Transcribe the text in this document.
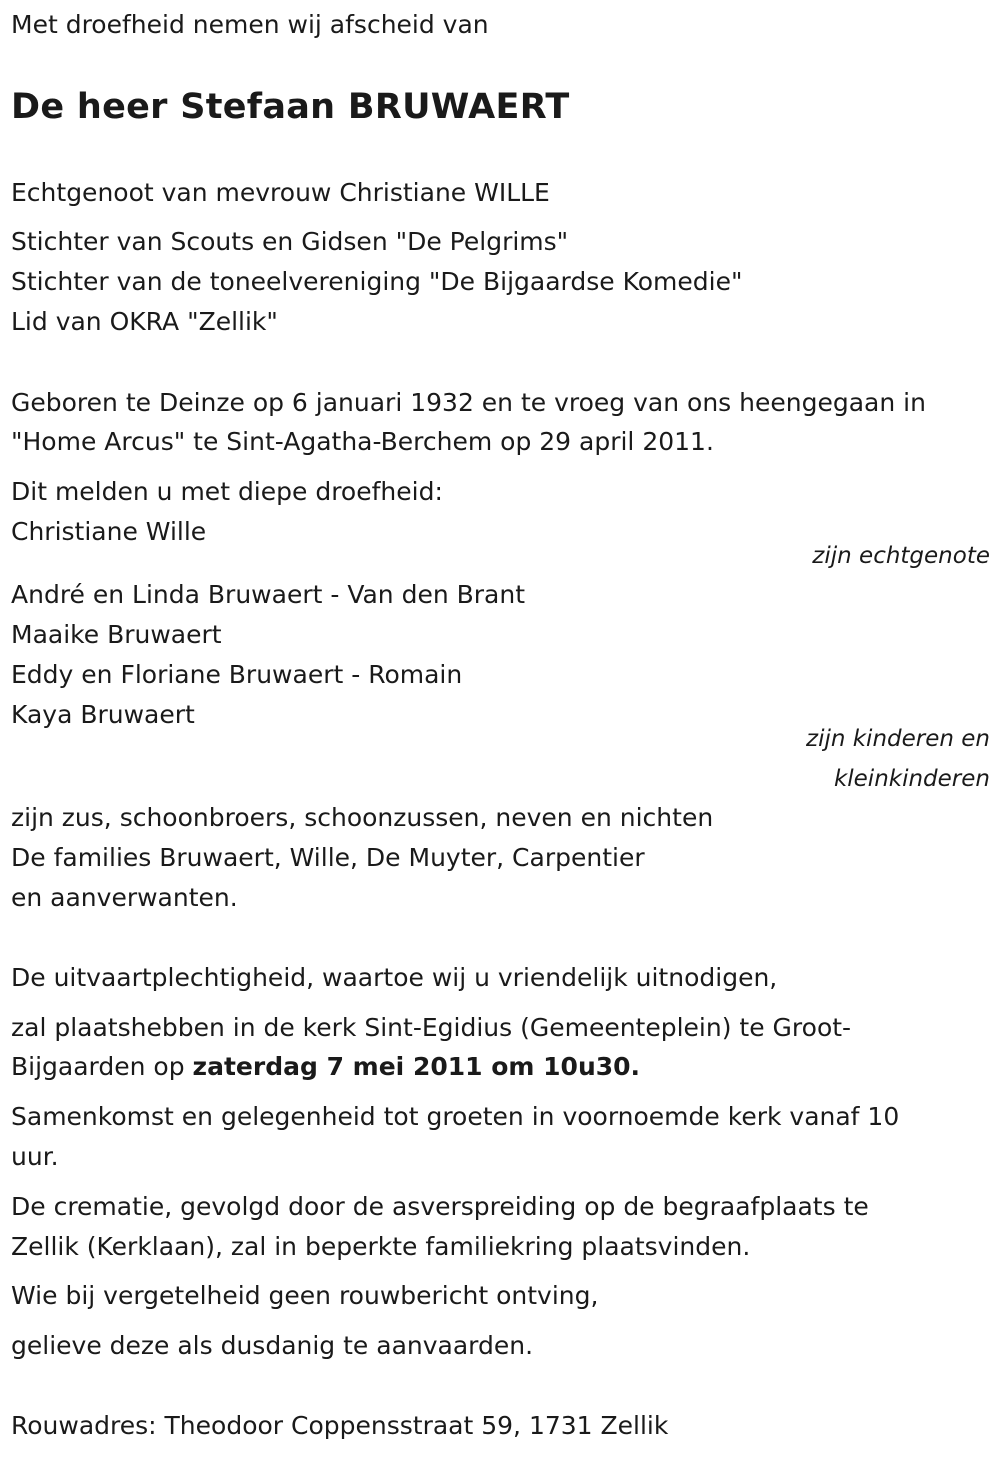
Met droefheid nemen wij afscheid van
De heer Stefaan BRUWAERT
Echtgenoot van mevrouw Christiane WILLE
Stichter van Scouts en Gidsen "De Pelgrims"
Stichter van de toneelvereniging "De Bijgaardse Komedie"
Lid van OKRA "Zellik"
Geboren te Deinze op 6 januari 1932 en te vroeg van ons heengegaan in
"Home Arcus" te Sint-Agatha-Berchem op 29 april 2011.
Dit melden u met diepe droefheid:
Christiane Wille
zijn echtgenote
André en Linda Bruwaert - Van den Brant
Maaike Bruwaert
Eddy en Floriane Bruwaert - Romain
Kaya Bruwaert
zijn kinderen en
kleinkinderen
zijn zus, schoonbroers, schoonzussen, neven en nichten
De families Bruwaert, Wille, De Muyter, Carpentier
en aanverwanten.
De uitvaartplechtigheid, waartoe wij u vriendelijk uitnodigen,
zal plaatshebben in de kerk Sint-Egidius (Gemeenteplein) te Groot-
Bijgaarden op zaterdag 7 mei 2011 om 10u30.
Samenkomst en gelegenheid tot groeten in voornoemde kerk vanaf 10
uur.
De crematie, gevolgd door de asverspreiding op de begraafplaats te
Zellik (Kerklaan), zal in beperkte familiekring plaatsvinden.
Wie bij vergetelheid geen rouwbericht ontving,
gelieve deze als dusdanig te aanvaarden.
Rouwadres: Theodoor Coppensstraat 59, 1731 Zellik
